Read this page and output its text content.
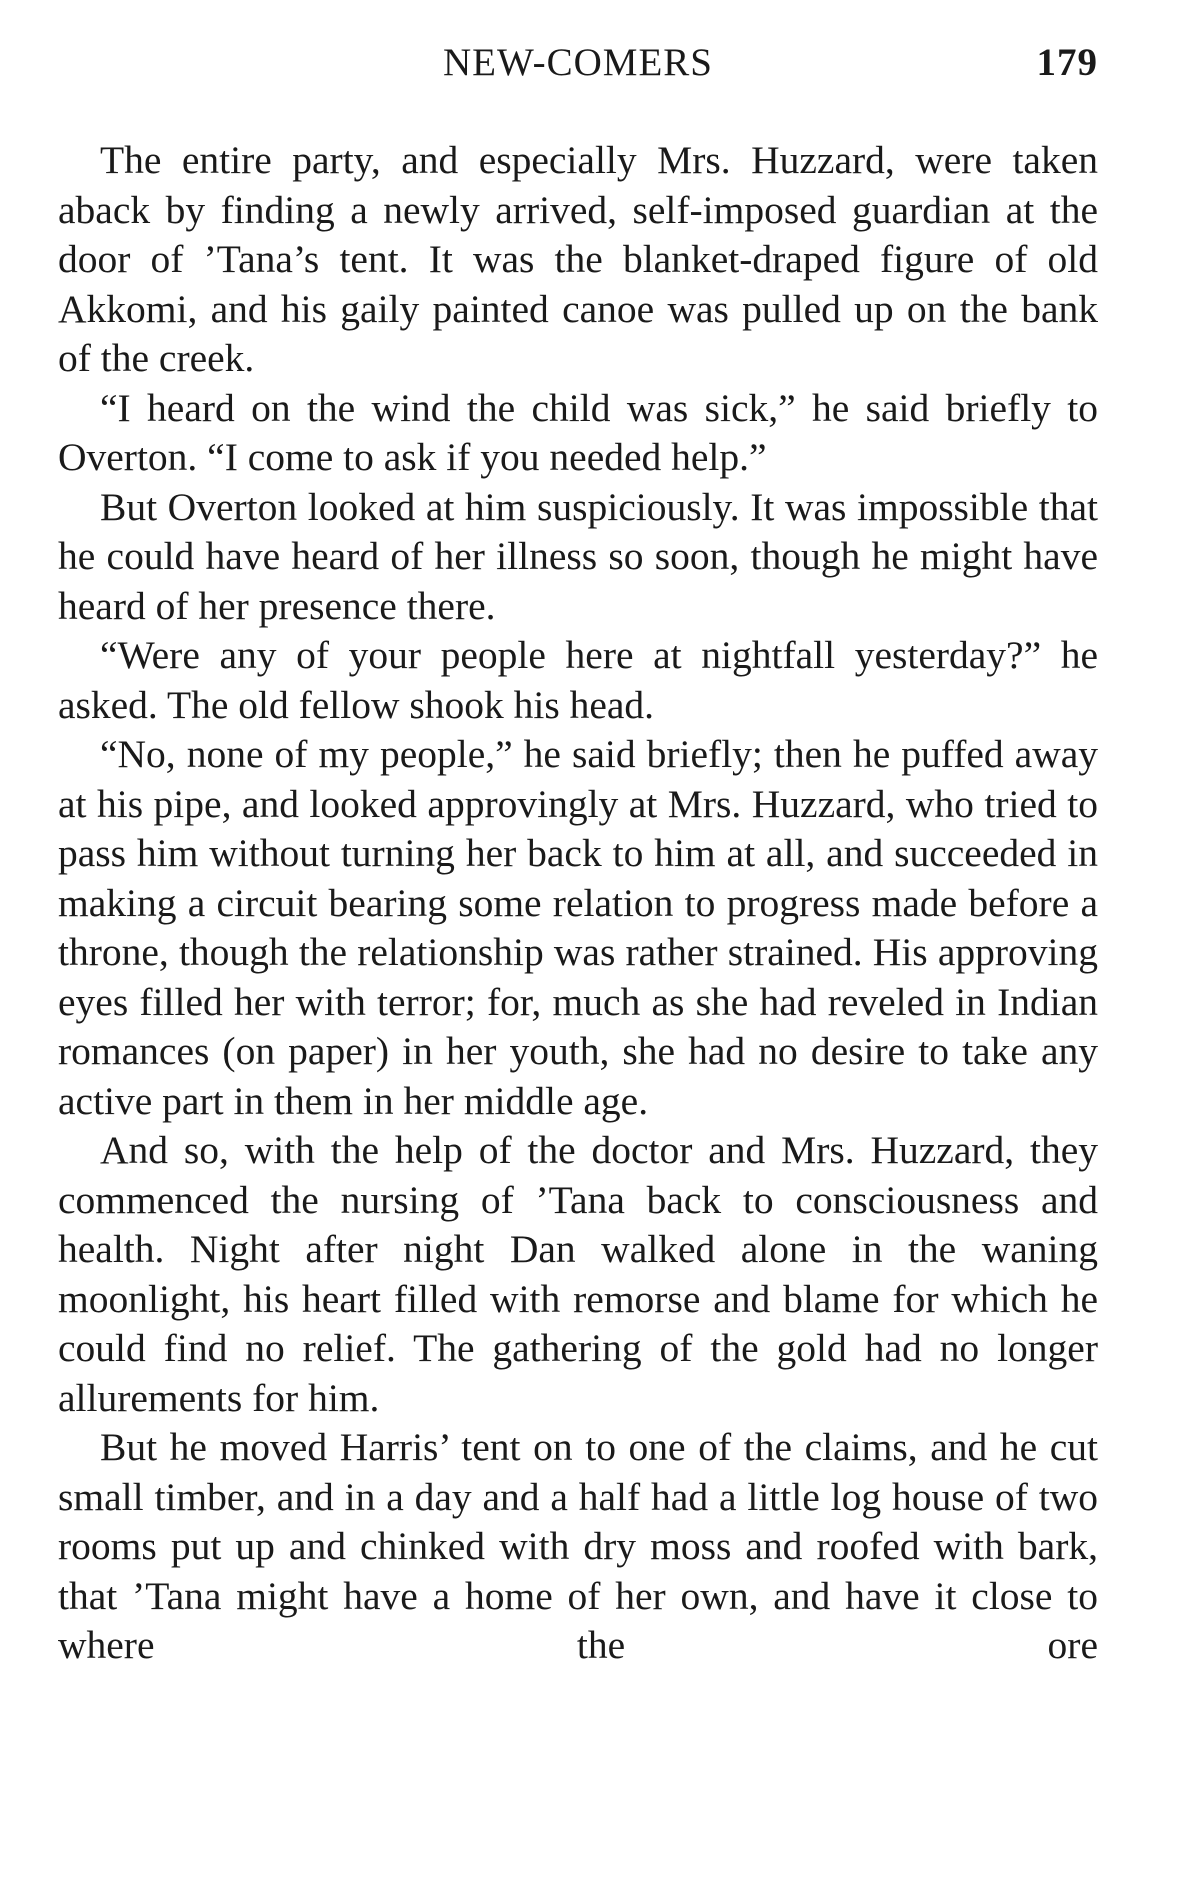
NEW-COMERS	179

The entire party, and especially Mrs. Huzzard, were taken aback by finding a newly arrived, self-imposed guardian at the door of ’Tana’s tent. It was the blanket-draped figure of old Akkomi, and his gaily painted canoe was pulled up on the bank of the creek.

“I heard on the wind the child was sick,” he said briefly to Overton. “I come to ask if you needed help.”

But Overton looked at him suspiciously. It was impossible that he could have heard of her illness so soon, though he might have heard of her presence there.

“Were any of your people here at nightfall yesterday?” he asked. The old fellow shook his head.

“No, none of my people,” he said briefly; then he puffed away at his pipe, and looked approvingly at Mrs. Huzzard, who tried to pass him without turning her back to him at all, and succeeded in making a circuit bearing some relation to progress made before a throne, though the relationship was rather strained. His approving eyes filled her with terror; for, much as she had reveled in Indian romances (on paper) in her youth, she had no desire to take any active part in them in her middle age.

And so, with the help of the doctor and Mrs. Huzzard, they commenced the nursing of ’Tana back to consciousness and health. Night after night Dan walked alone in the waning moonlight, his heart filled with remorse and blame for which he could find no relief. The gathering of the gold had no longer allurements for him.

But he moved Harris’ tent on to one of the claims, and he cut small timber, and in a day and a half had a little log house of two rooms put up and chinked with dry moss and roofed with bark, that ’Tana might have a home of her own, and have it close to where the ore
